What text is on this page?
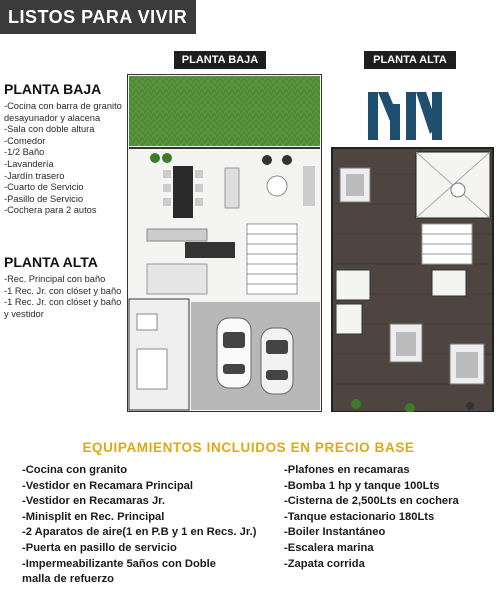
LISTOS PARA VIVIR
PLANTA BAJA	PLANTA ALTA
PLANTA BAJA
-Cocina con barra de granito desayunador y alacena
-Sala con doble altura
-Comedor
-1/2 Baño
-Lavandería
-Jardín trasero
-Cuarto de Servicio
-Pasillo de Servicio
-Cochera para 2 autos
PLANTA ALTA
-Rec. Principal con baño
-1 Rec. Jr. con clóset y baño
-1 Rec. Jr. con clóset y baño y vestidor
EQUIPAMIENTOS INCLUIDOS EN PRECIO BASE
-Cocina con granito
-Vestidor en Recamara Principal
-Vestidor en Recamaras Jr.
-Minisplit en Rec. Principal
-2 Aparatos de aire(1 en P.B y 1 en Recs. Jr.)
-Puerta en pasillo de servicio
-Impermeabilizante 5años con Doble malla de refuerzo
-Plafones en recamaras
-Bomba 1 hp y tanque 100Lts
-Cisterna de 2,500Lts en cochera
-Tanque estacionario 180Lts
-Boiler Instantáneo
-Escalera marina
-Zapata corrida
